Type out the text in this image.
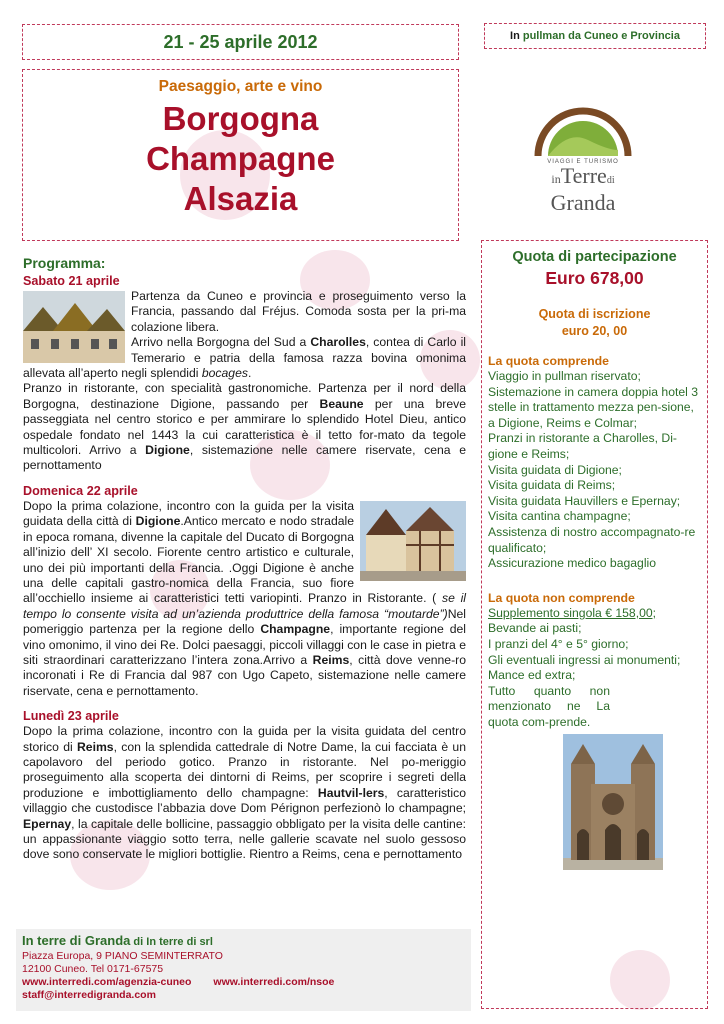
21 - 25 aprile 2012	In pullman da Cuneo e Provincia
Paesaggio, arte e vino
Borgogna
Champagne
Alsazia
VIAGGI E TURISMO
inTerredi
Granda
Quota di partecipazione
Euro 678,00
Quota di iscrizione
euro 20, 00
La quota comprende
Viaggio in pullman riservato;
Sistemazione in camera doppia hotel 3 stelle in trattamento mezza pen-sione, a Digione, Reims e Colmar;
Pranzi in ristorante a Charolles, Di-gione e Reims;
Visita guidata di Digione;
Visita guidata di Reims;
Visita guidata Hauvillers e Epernay;
Visita cantina champagne;
Assistenza di nostro accompagnato-re qualificato;
Assicurazione medico bagaglio
La quota non comprende
Supplemento singola € 158,00;
Bevande ai pasti;
I pranzi del 4° e 5° giorno;
Gli eventuali ingressi ai monumenti;
Mance ed extra;
Tutto quanto non menzionato ne La quota com-prende.
Programma:
Sabato 21 aprile

Partenza da Cuneo e provincia e proseguimento verso la Francia, passando dal Fréjus. Comoda sosta per la pri-ma colazione libera.

Arrivo nella Borgogna del Sud a Charolles, contea di Carlo il Temerario e patria della famosa razza bovina omonima allevata all’aperto negli splendidi bocages.

Pranzo in ristorante, con specialità gastronomiche. Partenza per il nord della Borgogna, destinazione Digione, passando per Beaune per una breve passeggiata nel centro storico e per ammirare lo splendido Hotel Dieu, antico ospedale fondato nel 1443 la cui caratteristica è il tetto for-mato da tegole multicolori. Arrivo a Digione, sistemazione nelle camere riservate, cena e pernottamento

Domenica 22 aprile

Dopo la prima colazione, incontro con la guida per la visita guidata della città di Digione.Antico mercato e nodo stradale in epoca romana, divenne la capitale del Ducato di Borgogna all’inizio dell’ XI secolo. Fiorente centro artistico e culturale, uno dei più importanti della Francia. .Oggi Digione è anche una delle capitali gastro-nomica della Francia, suo fiore all’occhiello insieme ai caratteristici tetti variopinti. Pranzo in Ristorante. ( se il tempo lo consente visita ad un’azienda produttrice della famosa “moutarde”)Nel pomeriggio partenza per la regione dello Champagne, importante regione del vino omonimo, il vino dei Re. Dolci paesaggi, piccoli villaggi con le case in pietra e siti straordinari caratterizzano l’intera zona.Arrivo a Reims, città dove venne-ro incoronati i Re di Francia dal 987 con Ugo Capeto, sistemazione nelle camere riservate, cena e pernottamento.

Lunedì 23 aprile

Dopo la prima colazione, incontro con la guida per la visita guidata del centro storico di Reims, con la splendida cattedrale di Notre Dame, la cui facciata è un capolavoro del periodo gotico. Pranzo in ristorante. Nel po-meriggio proseguimento alla scoperta dei dintorni di Reims, per scoprire i segreti della produzione e imbottigliamento dello champagne: Hautvil-lers, caratteristico villaggio che custodisce l’abbazia dove Dom Pérignon perfezionò lo champagne; Epernay, la capitale delle bollicine, passaggio obbligato per la visita delle cantine: un appassionante viaggio sotto terra, nelle gallerie scavate nel suolo gessoso dove sono conservate le migliori bottiglie. Rientro a Reims, cena e pernottamento

In terre di Granda di In terre di srl
Piazza Europa, 9 PIANO SEMINTERRATO
12100 Cuneo. Tel 0171-67575
www.interredi.com/agenzia-cuneo www.interredi.com/nsoe
staff@interredigranda.com
